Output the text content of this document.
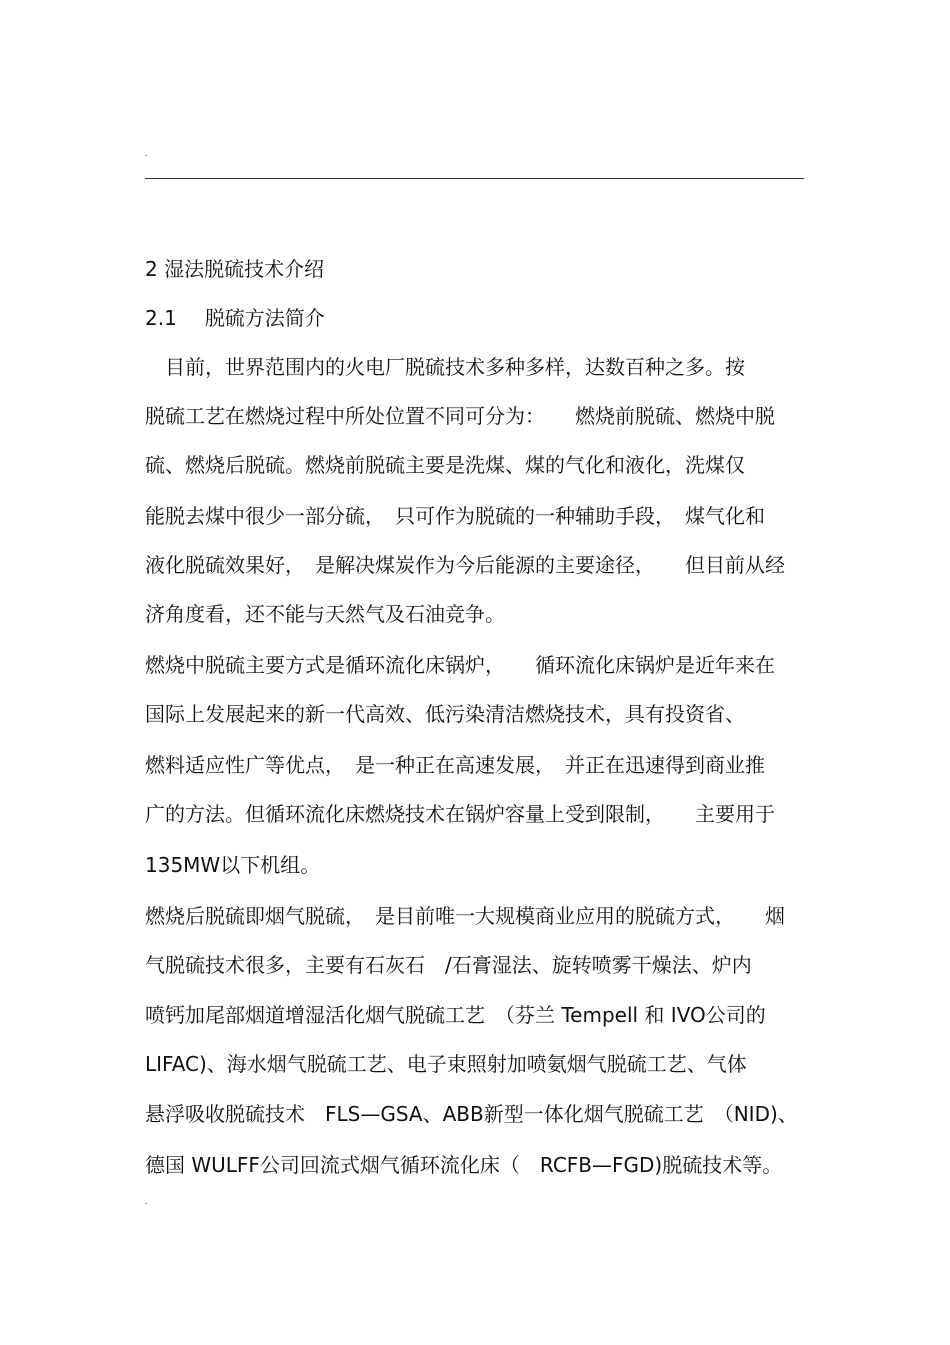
.
2 湿法脱硫技术介绍
2.1 脱硫方法简介
目前，世界范围内的火电厂脱硫技术多种多样，达数百种之多。按
脱硫工艺在燃烧过程中所处位置不同可分为：　　燃烧前脱硫、燃烧中脱
硫、燃烧后脱硫。燃烧前脱硫主要是洗煤、煤的气化和液化，洗煤仅
能脱去煤中很少一部分硫，　只可作为脱硫的一种辅助手段，　煤气化和
液化脱硫效果好，　是解决煤炭作为今后能源的主要途径，　　但目前从经
济角度看，还不能与天然气及石油竞争。
燃烧中脱硫主要方式是循环流化床锅炉，　　循环流化床锅炉是近年来在
国际上发展起来的新一代高效、低污染清洁燃烧技术，具有投资省、
燃料适应性广等优点，　是一种正在高速发展，　并正在迅速得到商业推
广的方法。但循环流化床燃烧技术在锅炉容量上受到限制，　　主要用于
135MW以下机组。
燃烧后脱硫即烟气脱硫，　是目前唯一大规模商业应用的脱硫方式，　　烟
气脱硫技术很多，主要有石灰石　/石膏湿法、旋转喷雾干燥法、炉内
喷钙加尾部烟道增湿活化烟气脱硫工艺　（芬兰 Tempell 和 IVO公司的
LIFAC)、海水烟气脱硫工艺、电子束照射加喷氨烟气脱硫工艺、气体
悬浮吸收脱硫技术　FLS—GSA、ABB新型一体化烟气脱硫工艺　（NID)、
德国 WULFF公司回流式烟气循环流化床（　RCFB—FGD)脱硫技术等。
.
